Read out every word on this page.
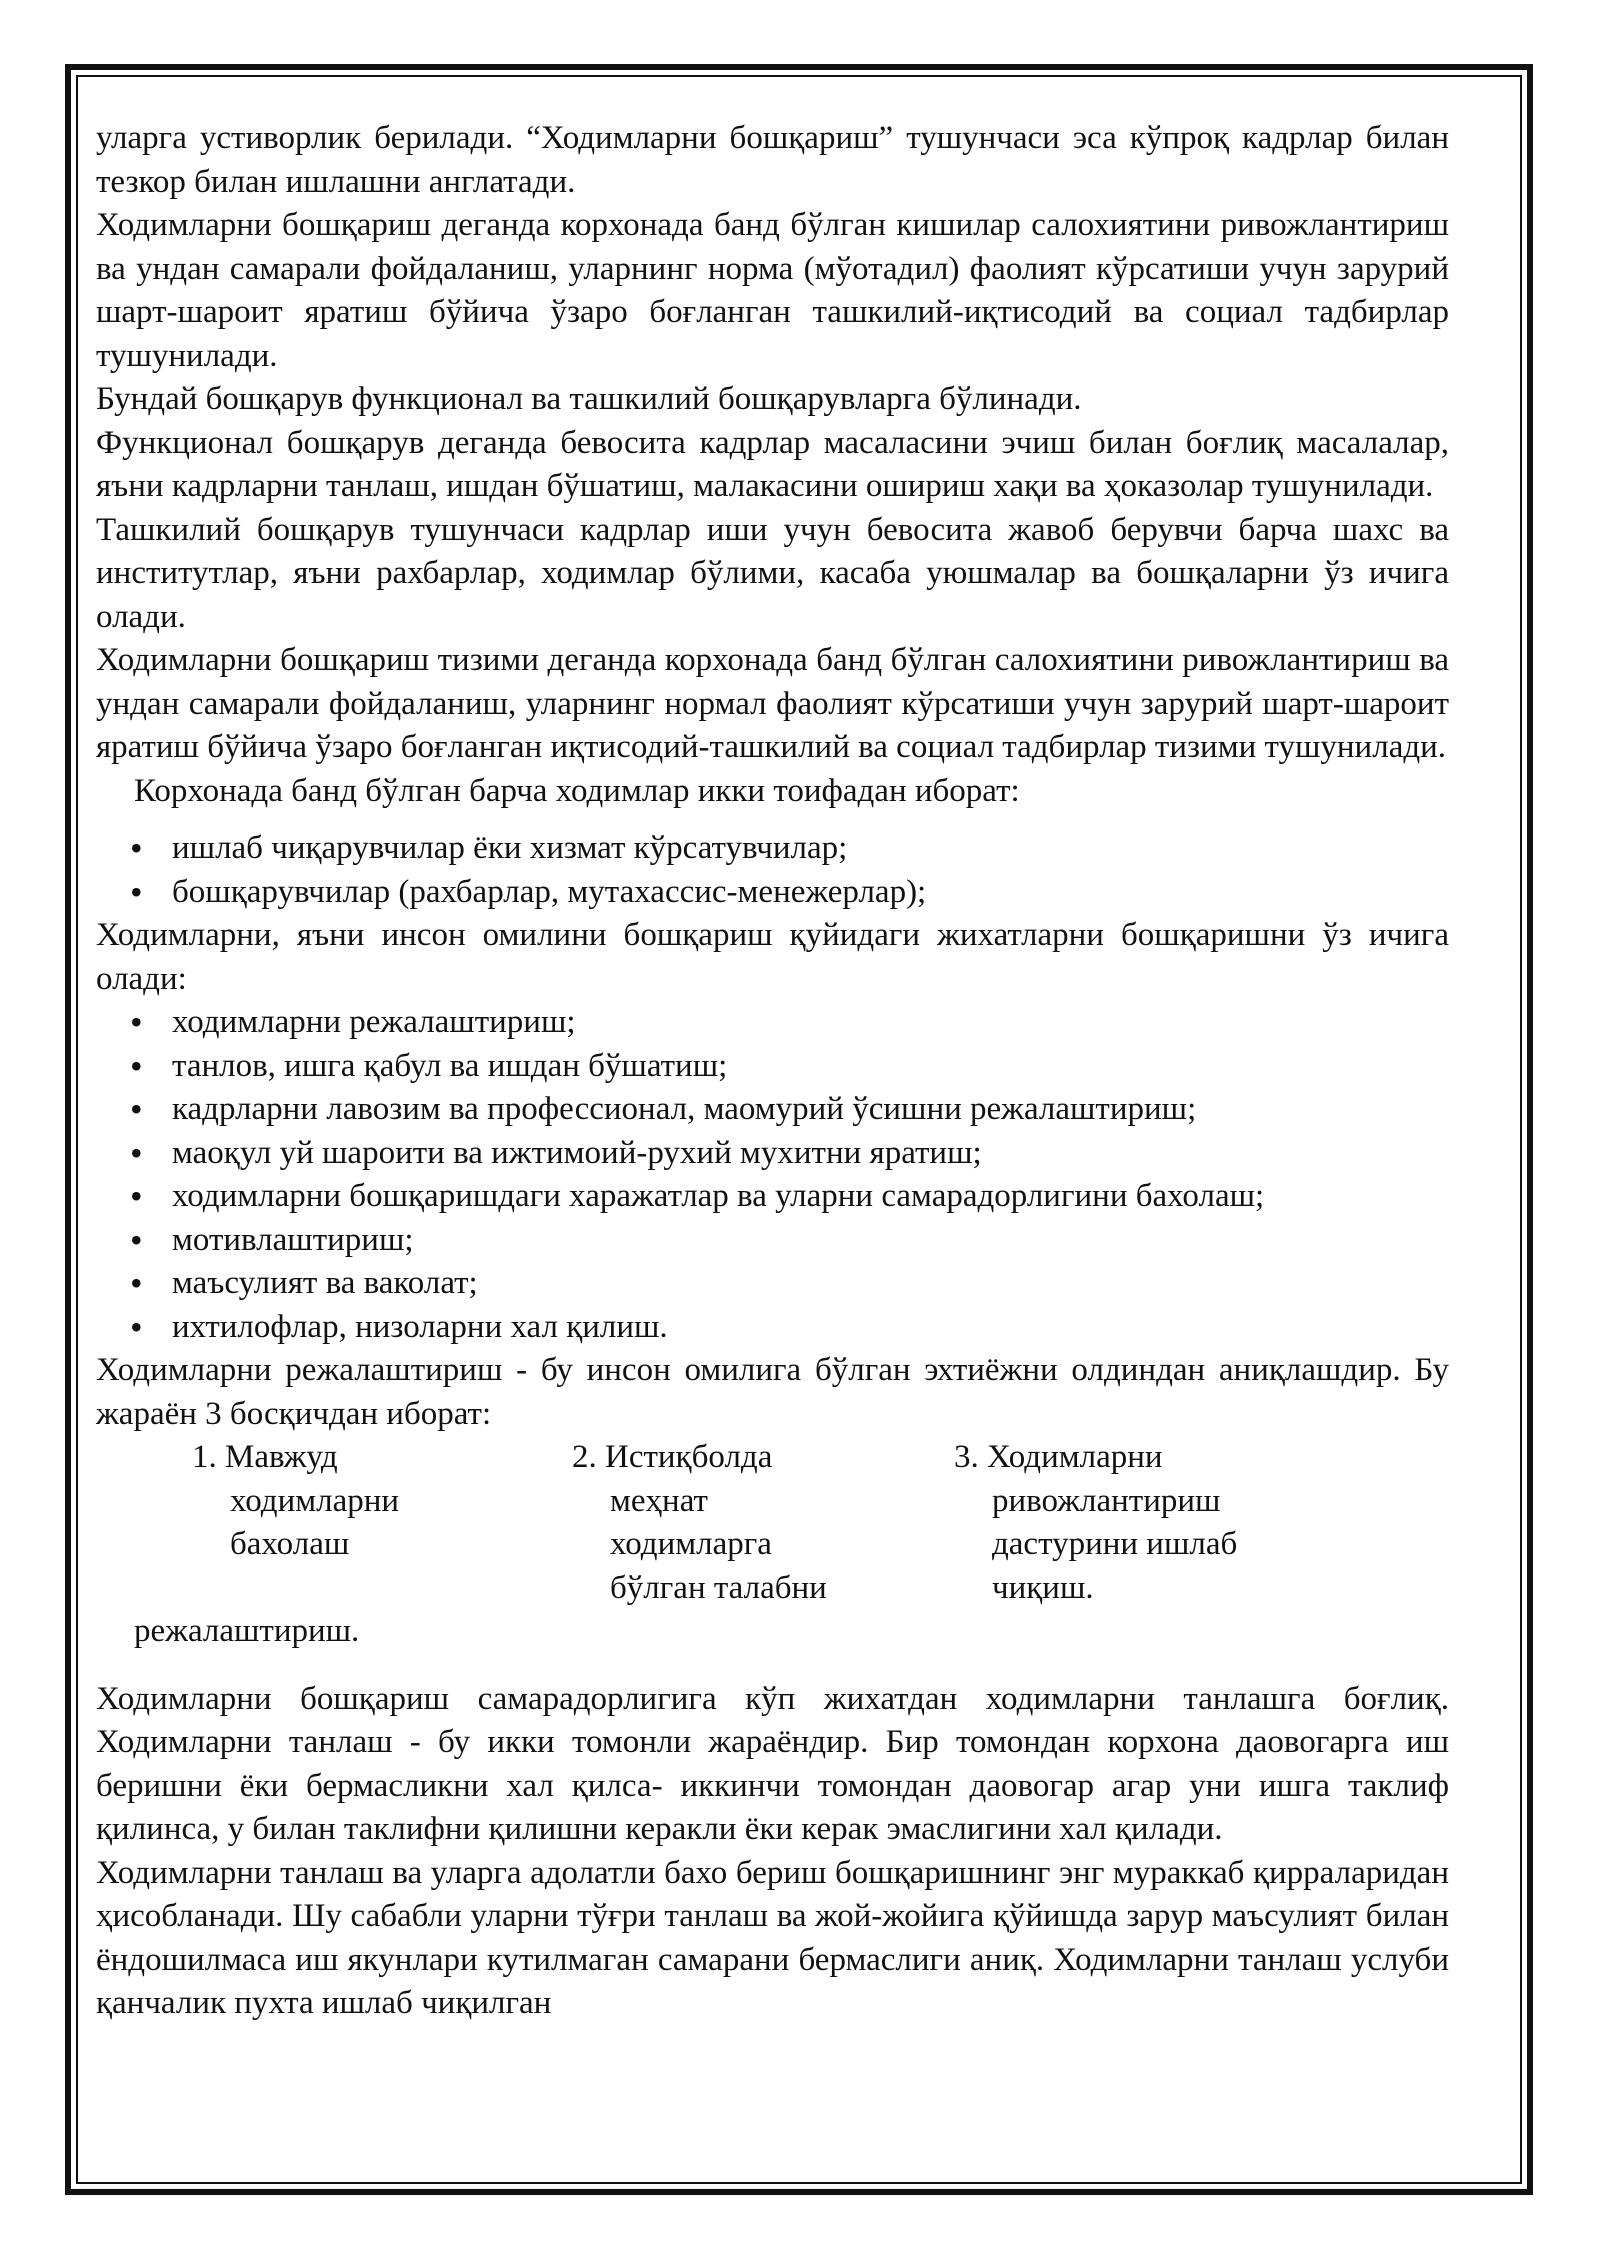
уларга устиворлик берилади. “Ходимларни бошқариш” тушунчаси эса кўпроқ кадрлар билан тезкор билан ишлашни англатади.

Ходимларни бошқариш деганда корхонада банд бўлган кишилар салохиятини ривожлантириш ва ундан самарали фойдаланиш, уларнинг норма (мўотадил) фаолият кўрсатиши учун зарурий шарт-шароит яратиш бўйича ўзаро боғланган ташкилий-иқтисодий ва социал тадбирлар тушунилади.

Бундай бошқарув функционал ва ташкилий бошқарувларга бўлинади.

Функционал бошқарув деганда бевосита кадрлар масаласини эчиш билан боғлиқ масалалар, яъни кадрларни танлаш, ишдан бўшатиш, малакасини ошириш хақи ва ҳоказолар тушунилади.

Ташкилий бошқарув тушунчаси кадрлар иши учун бевосита жавоб берувчи барча шахс ва институтлар, яъни рахбарлар, ходимлар бўлими, касаба уюшмалар ва бошқаларни ўз ичига олади.

Ходимларни бошқариш тизими деганда корхонада банд бўлган салохиятини ривожлантириш ва ундан самарали фойдаланиш, уларнинг нормал фаолият кўрсатиши учун зарурий шарт-шароит яратиш бўйича ўзаро боғланган иқтисодий-ташкилий ва социал тадбирлар тизими тушунилади.

Корхонада банд бўлган барча ходимлар икки тоифадан иборат:

• ишлаб чиқарувчилар ёки хизмат кўрсатувчилар;
• бошқарувчилар (рахбарлар, мутахассис-менежерлар);

Ходимларни, яъни инсон омилини бошқариш қуйидаги жихатларни бошқаришни ўз ичига олади:

• ходимларни режалаштириш;
• танлов, ишга қабул ва ишдан бўшатиш;
• кадрларни лавозим ва профессионал, маомурий ўсишни режалаштириш;
• маоқул уй шароити ва ижтимоий-рухий мухитни яратиш;
• ходимларни бошқаришдаги харажатлар ва уларни самарадорлигини бахолаш;
• мотивлаштириш;
• маъсулият ва ваколат;
• ихтилофлар, низоларни хал қилиш.

Ходимларни режалаштириш - бу инсон омилига бўлган эхтиёжни олдиндан аниқлашдир. Бу жараён 3 босқичдан иборат:

1. Мавжуд
ходимларни
бахолаш
2. Истиқболда
меҳнат
ходимларга
бўлган талабни
3. Ходимларни
ривожлантириш
дастурини ишлаб
чиқиш.
режалаштириш.

Ходимларни бошқариш самарадорлигига кўп жихатдан ходимларни танлашга боғлиқ. Ходимларни танлаш - бу икки томонли жараёндир. Бир томондан корхона даовогарга иш беришни ёки бермасликни хал қилса- иккинчи томондан даовогар агар уни ишга таклиф қилинса, у билан таклифни қилишни керакли ёки керак эмаслигини хал қилади.

Ходимларни танлаш ва уларга адолатли бахо бериш бошқаришнинг энг мураккаб қирраларидан ҳисобланади. Шу сабабли уларни тўғри танлаш ва жой-жойига қўйишда зарур маъсулият билан ёндошилмаса иш якунлари кутилмаган самарани бермаслиги аниқ. Ходимларни танлаш услуби қанчалик пухта ишлаб чиқилган
